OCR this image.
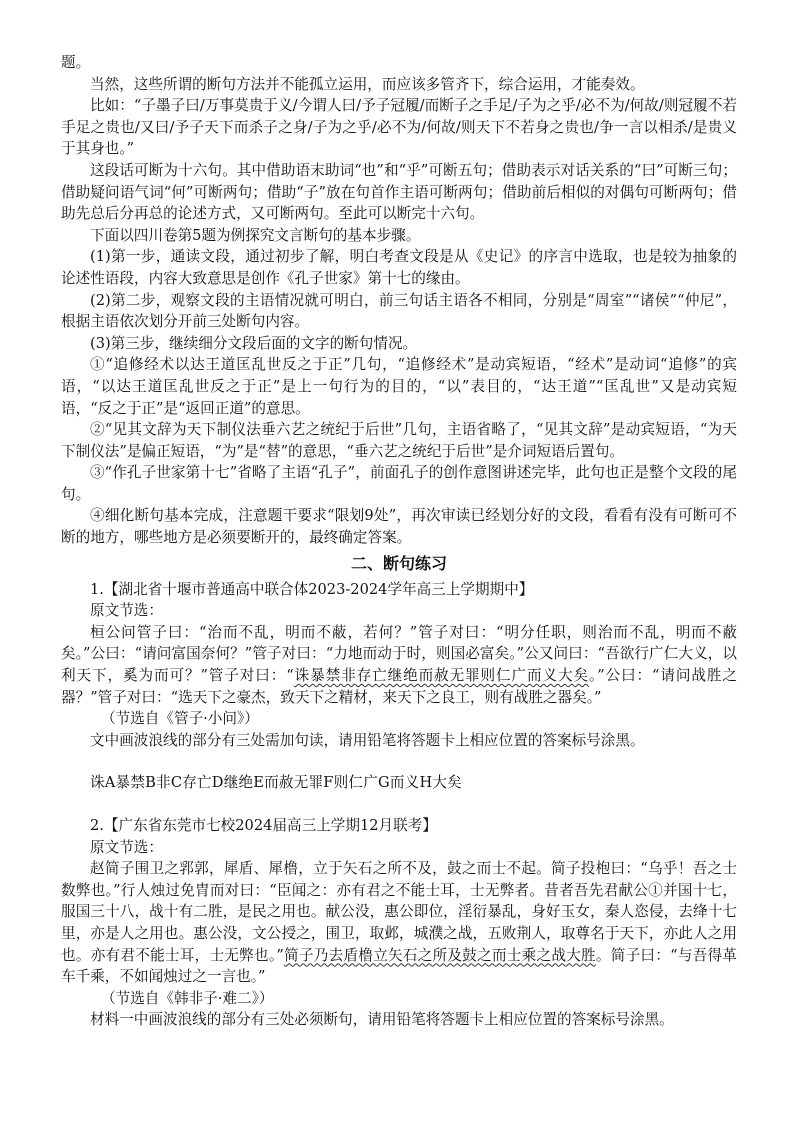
题。

当然，这些所谓的断句方法并不能孤立运用，而应该多管齐下，综合运用，才能奏效。

比如：“子墨子曰/万事莫贵于义/今谓人曰/予子冠履/而断子之手足/子为之乎/必不为/何故/则冠履不若手足之贵也/又曰/予子天下而杀子之身/子为之乎/必不为/何故/则天下不若身之贵也/争一言以相杀/是贵义于其身也。”

这段话可断为十六句。其中借助语末助词“也”和“乎”可断五句；借助表示对话关系的“曰”可断三句；借助疑问语气词“何”可断两句；借助“子”放在句首作主语可断两句；借助前后相似的对偶句可断两句；借助先总后分再总的论述方式，又可断两句。至此可以断完十六句。

下面以四川卷第5题为例探究文言断句的基本步骤。

(1)第一步，通读文段，通过初步了解，明白考查文段是从《史记》的序言中选取，也是较为抽象的论述性语段，内容大致意思是创作《孔子世家》第十七的缘由。

(2)第二步，观察文段的主语情况就可明白，前三句话主语各不相同，分别是“周室”“诸侯”“仲尼”，根据主语依次划分开前三处断句内容。

(3)第三步，继续细分文段后面的文字的断句情况。

①“追修经术以达王道匡乱世反之于正”几句，“追修经术”是动宾短语，“经术”是动词“追修”的宾语，“以达王道匡乱世反之于正”是上一句行为的目的，“以”表目的，“达王道”“匡乱世”又是动宾短语，“反之于正”是“返回正道”的意思。

②“见其文辞为天下制仪法垂六艺之统纪于后世”几句，主语省略了，“见其文辞”是动宾短语，“为天下制仪法”是偏正短语，“为”是“替”的意思，“垂六艺之统纪于后世”是介词短语后置句。

③“作孔子世家第十七”省略了主语“孔子”，前面孔子的创作意图讲述完毕，此句也正是整个文段的尾句。

④细化断句基本完成，注意题干要求“限划9处”，再次审读已经划分好的文段，看看有没有可断可不断的地方，哪些地方是必须要断开的，最终确定答案。

二、断句练习

1.【湖北省十堰市普通高中联合体2023-2024学年高三上学期期中】

原文节选：

桓公问管子曰：“治而不乱，明而不蔽，若何？”管子对曰：“明分任职，则治而不乱，明而不蔽矣。”公曰：“请问富国奈何？”管子对曰：“力地而动于时，则国必富矣。”公又问曰：“吾欲行广仁大义，以利天下，奚为而可？”管子对曰：“诛暴禁非存亡继绝而赦无罪则仁广而义大矣。”公曰：“请问战胜之器？”管子对曰：“选天下之豪杰，致天下之精材，来天下之良工，则有战胜之器矣。”

（节选自《管子·小问》）

文中画波浪线的部分有三处需加句读，请用铅笔将答题卡上相应位置的答案标号涂黑。

诛A暴禁B非C存亡D继绝E而赦无罪F则仁广G而义H大矣

2.【广东省东莞市七校2024届高三上学期12月联考】

原文节选：

赵简子围卫之郛郭，犀盾、犀橹，立于矢石之所不及，鼓之而士不起。简子投枹曰：“乌乎！吾之士数弊也。”行人烛过免胄而对曰：“臣闻之：亦有君之不能士耳，士无弊者。昔者吾先君献公①并国十七，服国三十八，战十有二胜，是民之用也。献公没，惠公即位，淫衍暴乱，身好玉女，秦人恣侵，去绛十七里，亦是人之用也。惠公没，文公授之，围卫，取邺，城濮之战，五败荆人，取尊名于天下，亦此人之用也。亦有君不能士耳，士无弊也。”简子乃去盾橹立矢石之所及鼓之而士乘之战大胜。简子曰：“与吾得革车千乘，不如闻烛过之一言也。”

（节选自《韩非子·难二》）

材料一中画波浪线的部分有三处必须断句，请用铅笔将答题卡上相应位置的答案标号涂黑。
